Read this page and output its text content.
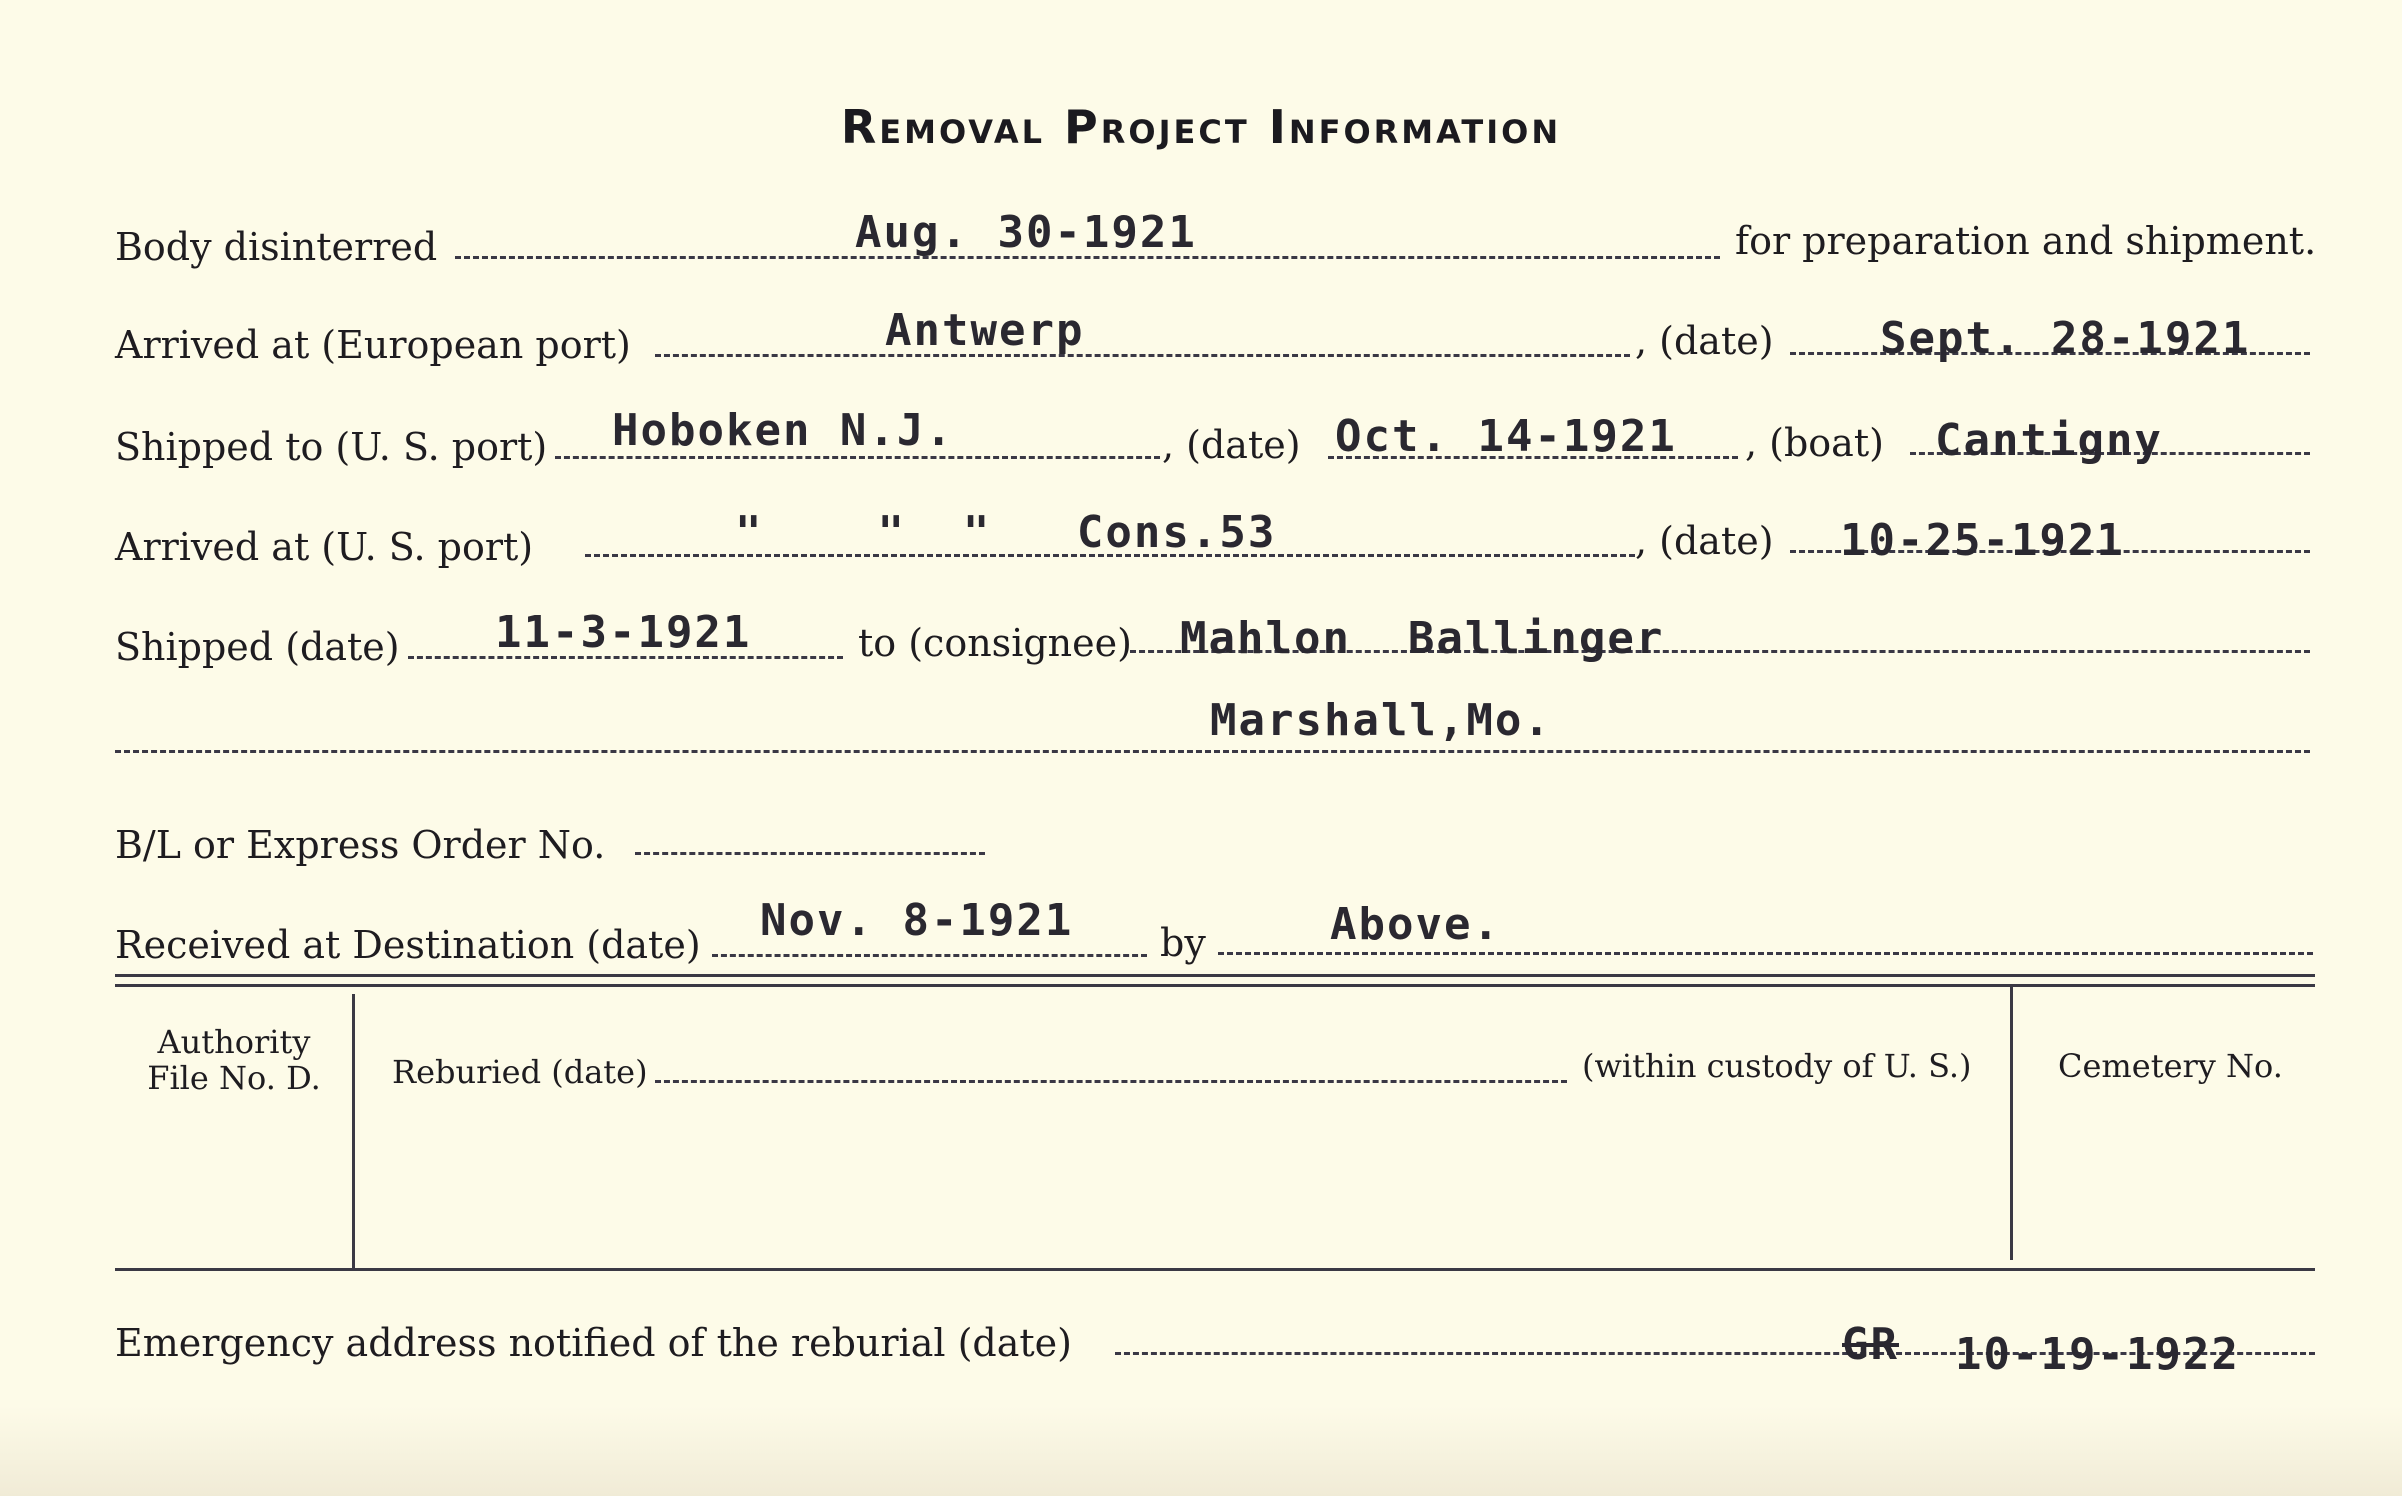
Removal Project Information
Body disinterred	Aug. 30-1921	for preparation and shipment.
Arrived at (European port)	Antwerp	, (date) Sept. 28-1921
Shipped to (U. S. port) Hoboken N.J.	, (date) Oct. 14-1921 , (boat) Cantigny
Arrived at (U. S. port)	"    "  "   Cons.53	, (date) 10-25-1921
Shipped (date) 11-3-1921	to (consignee) Mahlon  Ballinger
Marshall,Mo.
B/L or Express Order No.
Received at Destination (date) Nov. 8-1921 by	Above.
Authority
File No. D.	Reburied (date)	(within custody of U. S.)	Cemetery No.
Emergency address notified of the reburial (date)	GR 10-19-1922
